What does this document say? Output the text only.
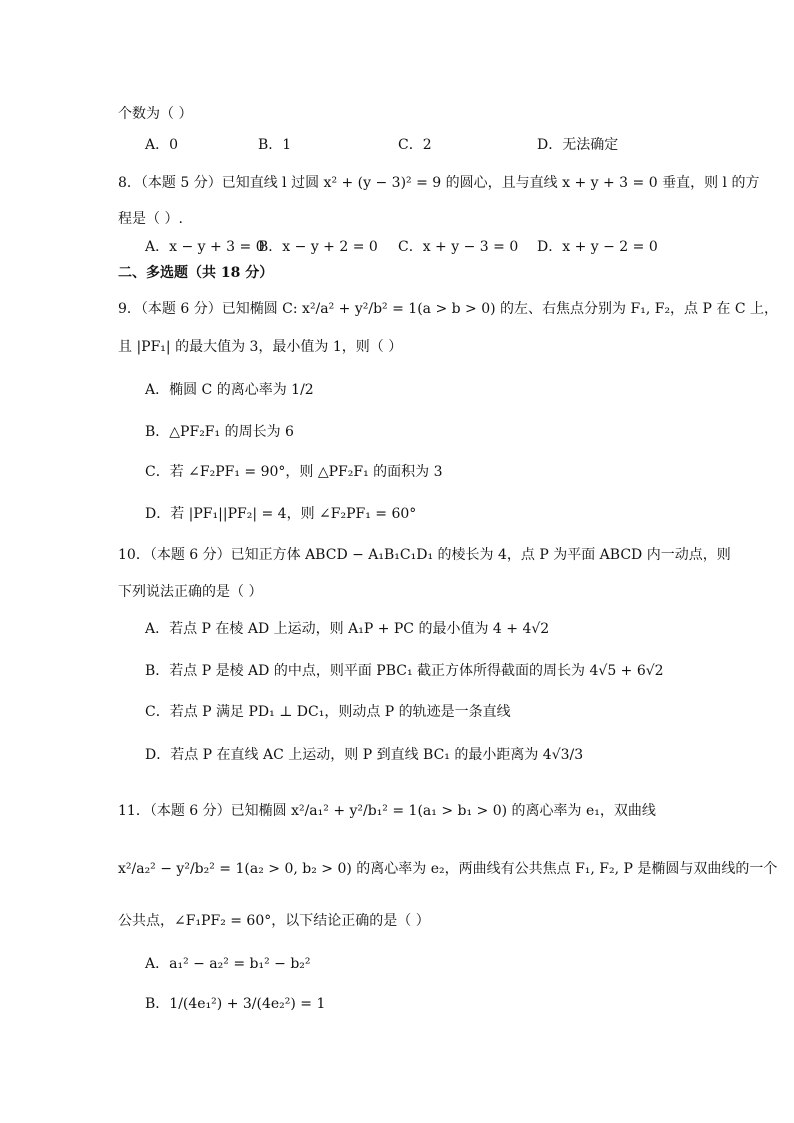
个数为（ ）
A．0	B．1	C．2	D．无法确定
8．（本题 5 分）已知直线 l 过圆 x² + (y − 3)² = 9 的圆心，且与直线 x + y + 3 = 0 垂直，则 l 的方
程是（ ）.
A．x − y + 3 = 0
B．x − y + 2 = 0 C．x + y − 3 = 0 D．x + y − 2 = 0
二、多选题（共 18 分）
9．（本题 6 分）已知椭圆 C: x²/a² + y²/b² = 1(a > b > 0) 的左、右焦点分别为 F₁, F₂，点 P 在 C 上，
且 |PF₁| 的最大值为 3，最小值为 1，则（ ）
A．椭圆 C 的离心率为 1/2
B．△PF₂F₁ 的周长为 6
C．若 ∠F₂PF₁ = 90°，则 △PF₂F₁ 的面积为 3
D．若 |PF₁||PF₂| = 4，则 ∠F₂PF₁ = 60°
10．（本题 6 分）已知正方体 ABCD − A₁B₁C₁D₁ 的棱长为 4，点 P 为平面 ABCD 内一动点，则
下列说法正确的是（ ）
A．若点 P 在棱 AD 上运动，则 A₁P + PC 的最小值为 4 + 4√2
B．若点 P 是棱 AD 的中点，则平面 PBC₁ 截正方体所得截面的周长为 4√5 + 6√2
C．若点 P 满足 PD₁ ⊥ DC₁，则动点 P 的轨迹是一条直线
D．若点 P 在直线 AC 上运动，则 P 到直线 BC₁ 的最小距离为 4√3/3
11．（本题 6 分）已知椭圆 x²/a₁² + y²/b₁² = 1(a₁ > b₁ > 0) 的离心率为 e₁，双曲线
x²/a₂² − y²/b₂² = 1(a₂ > 0, b₂ > 0) 的离心率为 e₂，两曲线有公共焦点 F₁, F₂, P 是椭圆与双曲线的一个
公共点，∠F₁PF₂ = 60°，以下结论正确的是（ ）
A．a₁² − a₂² = b₁² − b₂²
B．1/(4e₁²) + 3/(4e₂²) = 1
